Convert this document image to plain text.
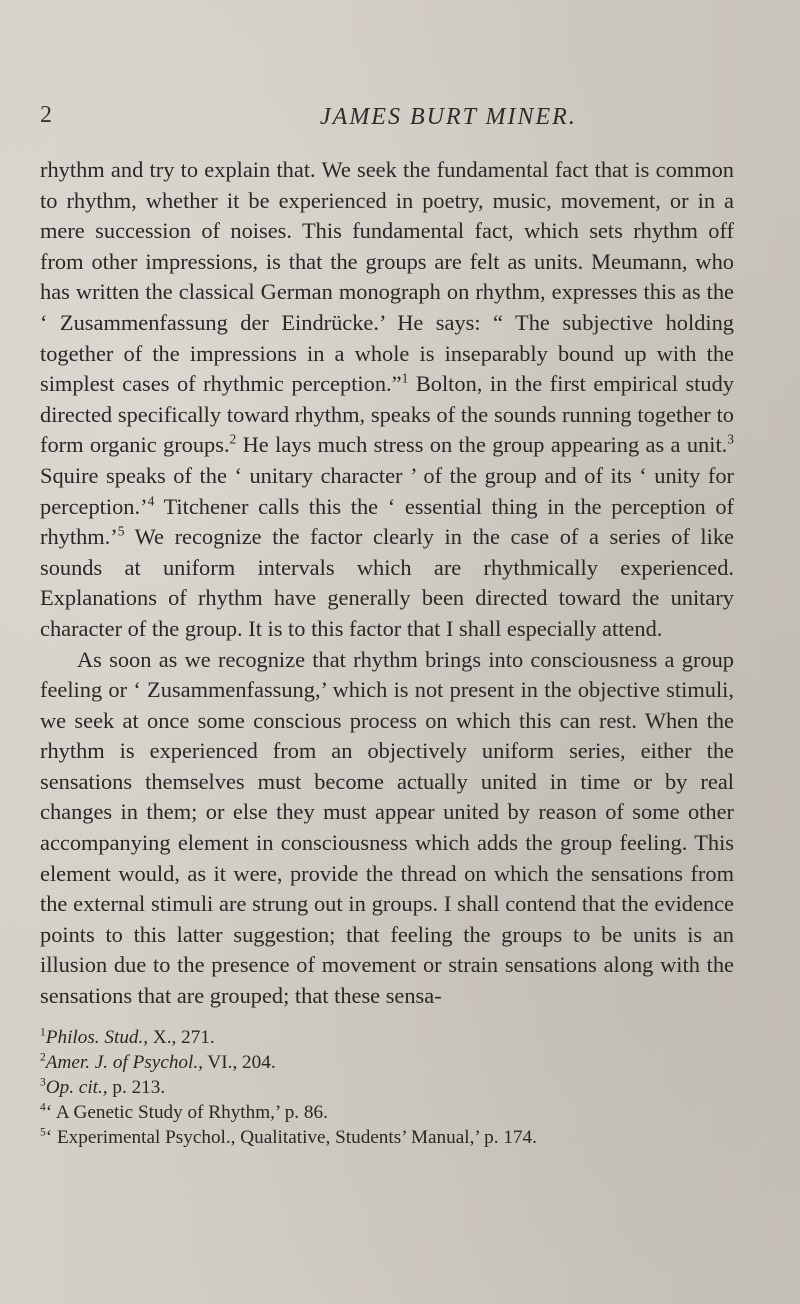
2	JAMES BURT MINER.

rhythm and try to explain that. We seek the fundamental fact that is common to rhythm, whether it be experienced in poetry, music, movement, or in a mere succession of noises. This fundamental fact, which sets rhythm off from other impressions, is that the groups are felt as units. Meumann, who has written the classical German monograph on rhythm, expresses this as the ‘ Zusammenfassung der Eindrücke.’ He says: “ The subjective holding together of the impressions in a whole is inseparably bound up with the simplest cases of rhythmic perception.”$^1$ Bolton, in the first empirical study directed specifically toward rhythm, speaks of the sounds running together to form organic groups.$^2$ He lays much stress on the group appearing as a unit.$^3$ Squire speaks of the ‘ unitary character ’ of the group and of its ‘ unity for perception.’$^4$ Titchener calls this the ‘ essential thing in the perception of rhythm.’$^5$ We recognize the factor clearly in the case of a series of like sounds at uniform intervals which are rhythmically experienced. Explanations of rhythm have generally been directed toward the unitary character of the group. It is to this factor that I shall especially attend.

As soon as we recognize that rhythm brings into consciousness a group feeling or ‘ Zusammenfassung,’ which is not present in the objective stimuli, we seek at once some conscious process on which this can rest. When the rhythm is experienced from an objectively uniform series, either the sensations themselves must become actually united in time or by real changes in them; or else they must appear united by reason of some other accompanying element in consciousness which adds the group feeling. This element would, as it were, provide the thread on which the sensations from the external stimuli are strung out in groups. I shall contend that the evidence points to this latter suggestion; that feeling the groups to be units is an illusion due to the presence of movement or strain sensations along with the sensations that are grouped; that these sensa-

$^1$Philos. Stud., X., 271.

$^2$Amer. J. of Psychol., VI., 204.

$^3$Op. cit., p. 213.

$^4$‘ A Genetic Study of Rhythm,’ p. 86.

$^5$‘ Experimental Psychol., Qualitative, Students’ Manual,’ p. 174.
